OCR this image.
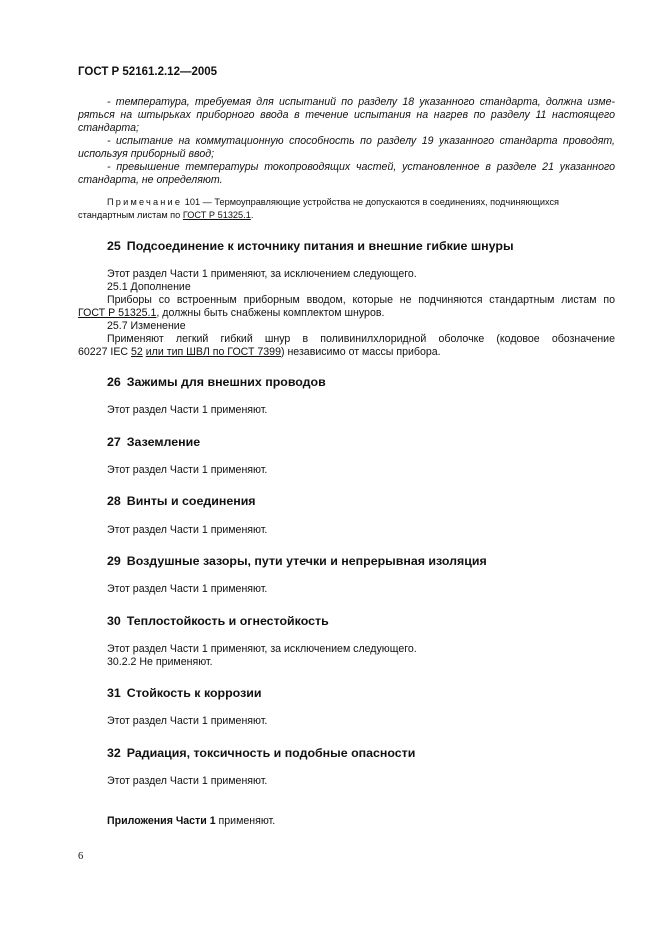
ГОСТ Р 52161.2.12—2005

- температура, требуемая для испытаний по разделу 18 указанного стандарта, должна изме-

ряться на штырьках приборного ввода в течение испытания на нагрев по разделу 11 настоящего

стандарта;

- испытание на коммутационную способность по разделу 19 указанного стандарта проводят,

используя приборный ввод;

- превышение температуры токопроводящих частей, установленное в разделе 21 указанного

стандарта, не определяют.

Примечание 101 — Термоуправляющие устройства не допускаются в соединениях, подчиняющихся

стандартным листам по ГОСТ Р 51325.1.

25 Подсоединение к источнику питания и внешние гибкие шнуры

Этот раздел Части 1 применяют, за исключением следующего.

25.1 Дополнение

Приборы со встроенным приборным вводом, которые не подчиняются стандартным листам по

ГОСТ Р 51325.1, должны быть снабжены комплектом шнуров.

25.7 Изменение

Применяют легкий гибкий шнур в поливинилхлоридной оболочке (кодовое обозначение

60227 IEC 52 или тип ШВЛ по ГОСТ 7399) независимо от массы прибора.

26 Зажимы для внешних проводов

Этот раздел Части 1 применяют.

27 Заземление

Этот раздел Части 1 применяют.

28 Винты и соединения

Этот раздел Части 1 применяют.

29 Воздушные зазоры, пути утечки и непрерывная изоляция

Этот раздел Части 1 применяют.

30 Теплостойкость и огнестойкость

Этот раздел Части 1 применяют, за исключением следующего.

30.2.2 Не применяют.

31 Стойкость к коррозии

Этот раздел Части 1 применяют.

32 Радиация, токсичность и подобные опасности

Этот раздел Части 1 применяют.

Приложения Части 1 применяют.

6
